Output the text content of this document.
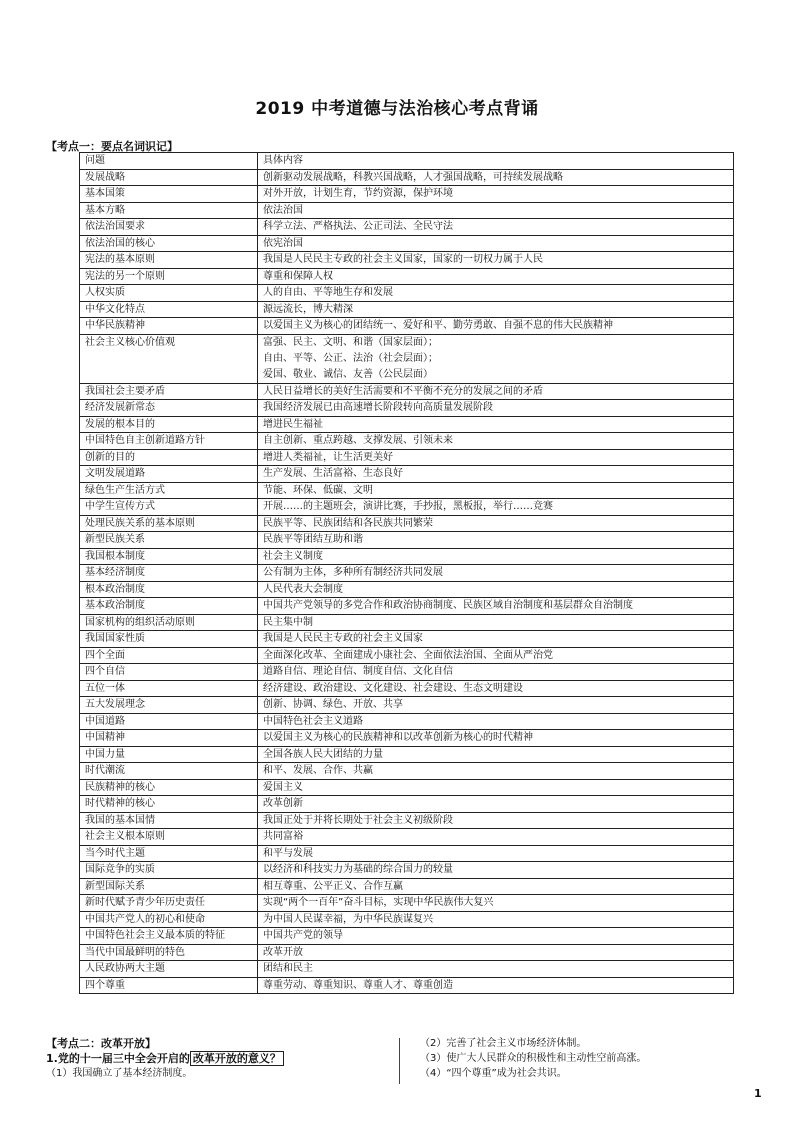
2019 中考道德与法治核心考点背诵
【考点一：要点名词识记】
问题	具体内容
发展战略	创新驱动发展战略，科教兴国战略，人才强国战略，可持续发展战略
基本国策	对外开放，计划生育，节约资源，保护环境
基本方略	依法治国
依法治国要求	科学立法、严格执法、公正司法、全民守法
依法治国的核心	依宪治国
宪法的基本原则	我国是人民民主专政的社会主义国家，国家的一切权力属于人民
宪法的另一个原则	尊重和保障人权
人权实质	人的自由、平等地生存和发展
中华文化特点	源远流长，博大精深
中华民族精神	以爱国主义为核心的团结统一、爱好和平、勤劳勇敢、自强不息的伟大民族精神
社会主义核心价值观	富强、民主、文明、和谐（国家层面）；
自由、平等、公正、法治（社会层面）；
爱国、敬业、诚信、友善（公民层面）
我国社会主要矛盾	人民日益增长的美好生活需要和不平衡不充分的发展之间的矛盾
经济发展新常态	我国经济发展已由高速增长阶段转向高质量发展阶段
发展的根本目的	增进民生福祉
中国特色自主创新道路方针	自主创新、重点跨越、支撑发展、引领未来
创新的目的	增进人类福祉，让生活更美好
文明发展道路	生产发展、生活富裕、生态良好
绿色生产生活方式	节能、环保、低碳、文明
中学生宣传方式	开展……的主题班会，演讲比赛，手抄报，黑板报，举行……竞赛
处理民族关系的基本原则	民族平等、民族团结和各民族共同繁荣
新型民族关系	民族平等团结互助和谐
我国根本制度	社会主义制度
基本经济制度	公有制为主体，多种所有制经济共同发展
根本政治制度	人民代表大会制度
基本政治制度	中国共产党领导的多党合作和政治协商制度、民族区域自治制度和基层群众自治制度
国家机构的组织活动原则	民主集中制
我国国家性质	我国是人民民主专政的社会主义国家
四个全面	全面深化改革、全面建成小康社会、全面依法治国、全面从严治党
四个自信	道路自信、理论自信、制度自信、文化自信
五位一体	经济建设、政治建设、文化建设、社会建设、生态文明建设
五大发展理念	创新、协调、绿色、开放、共享
中国道路	中国特色社会主义道路
中国精神	以爱国主义为核心的民族精神和以改革创新为核心的时代精神
中国力量	全国各族人民大团结的力量
时代潮流	和平、发展、合作、共赢
民族精神的核心	爱国主义
时代精神的核心	改革创新
我国的基本国情	我国正处于并将长期处于社会主义初级阶段
社会主义根本原则	共同富裕
当今时代主题	和平与发展
国际竞争的实质	以经济和科技实力为基础的综合国力的较量
新型国际关系	相互尊重、公平正义、合作互赢
新时代赋予青少年历史责任	实现“两个一百年”奋斗目标，实现中华民族伟大复兴
中国共产党人的初心和使命	为中国人民谋幸福，为中华民族谋复兴
中国特色社会主义最本质的特征	中国共产党的领导
当代中国最鲜明的特色	改革开放
人民政协两大主题	团结和民主
四个尊重	尊重劳动、尊重知识、尊重人才、尊重创造
【考点二：改革开放】
1.党的十一届三中全会开启的 改革开放的意义？
（1）我国确立了基本经济制度。
（2）完善了社会主义市场经济体制。
（3）使广大人民群众的积极性和主动性空前高涨。
（4）“四个尊重”成为社会共识。
1
